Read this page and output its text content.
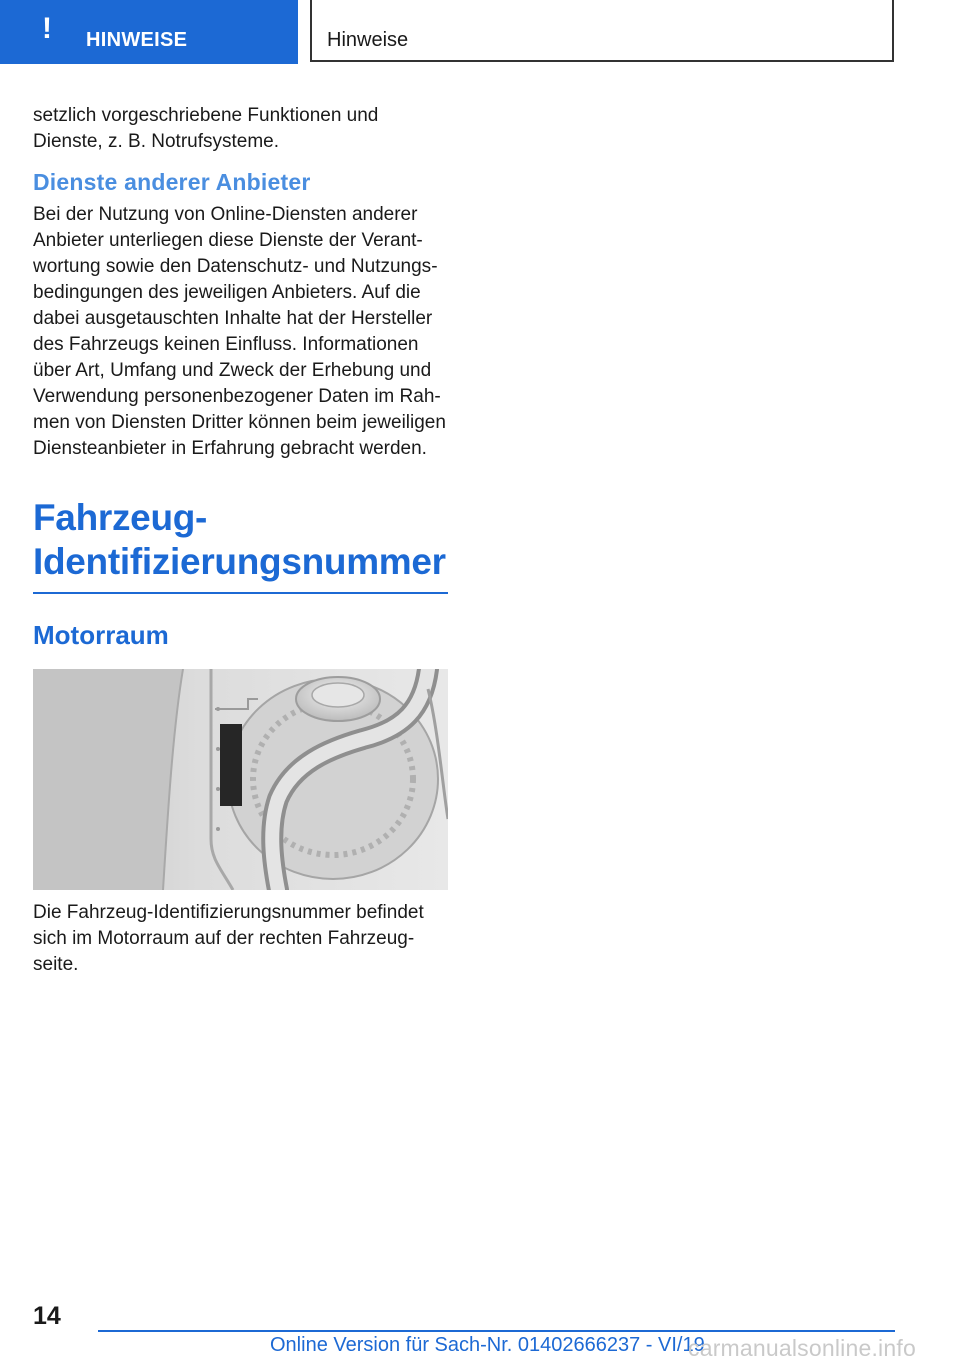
! HINWEISE	Hinweise

setzlich vorgeschriebene Funktionen und Dienste, z. B. Notrufsysteme.

Dienste anderer Anbieter

Bei der Nutzung von Online-Diensten anderer Anbieter unterliegen diese Dienste der Verantwortung sowie den Datenschutz- und Nutzungsbedingungen des jeweiligen Anbieters. Auf die dabei ausgetauschten Inhalte hat der Hersteller des Fahrzeugs keinen Einfluss. Informationen über Art, Umfang und Zweck der Erhebung und Verwendung personenbezogener Daten im Rahmen von Diensten Dritter können beim jeweiligen Diensteanbieter in Erfahrung gebracht werden.

Fahrzeug-Identifizierungsnummer
Motorraum

Die Fahrzeug-Identifizierungsnummer befindet sich im Motorraum auf der rechten Fahrzeugseite.

14
Online Version für Sach-Nr. 01402666237 - VI/19
carmanualsonline.info
